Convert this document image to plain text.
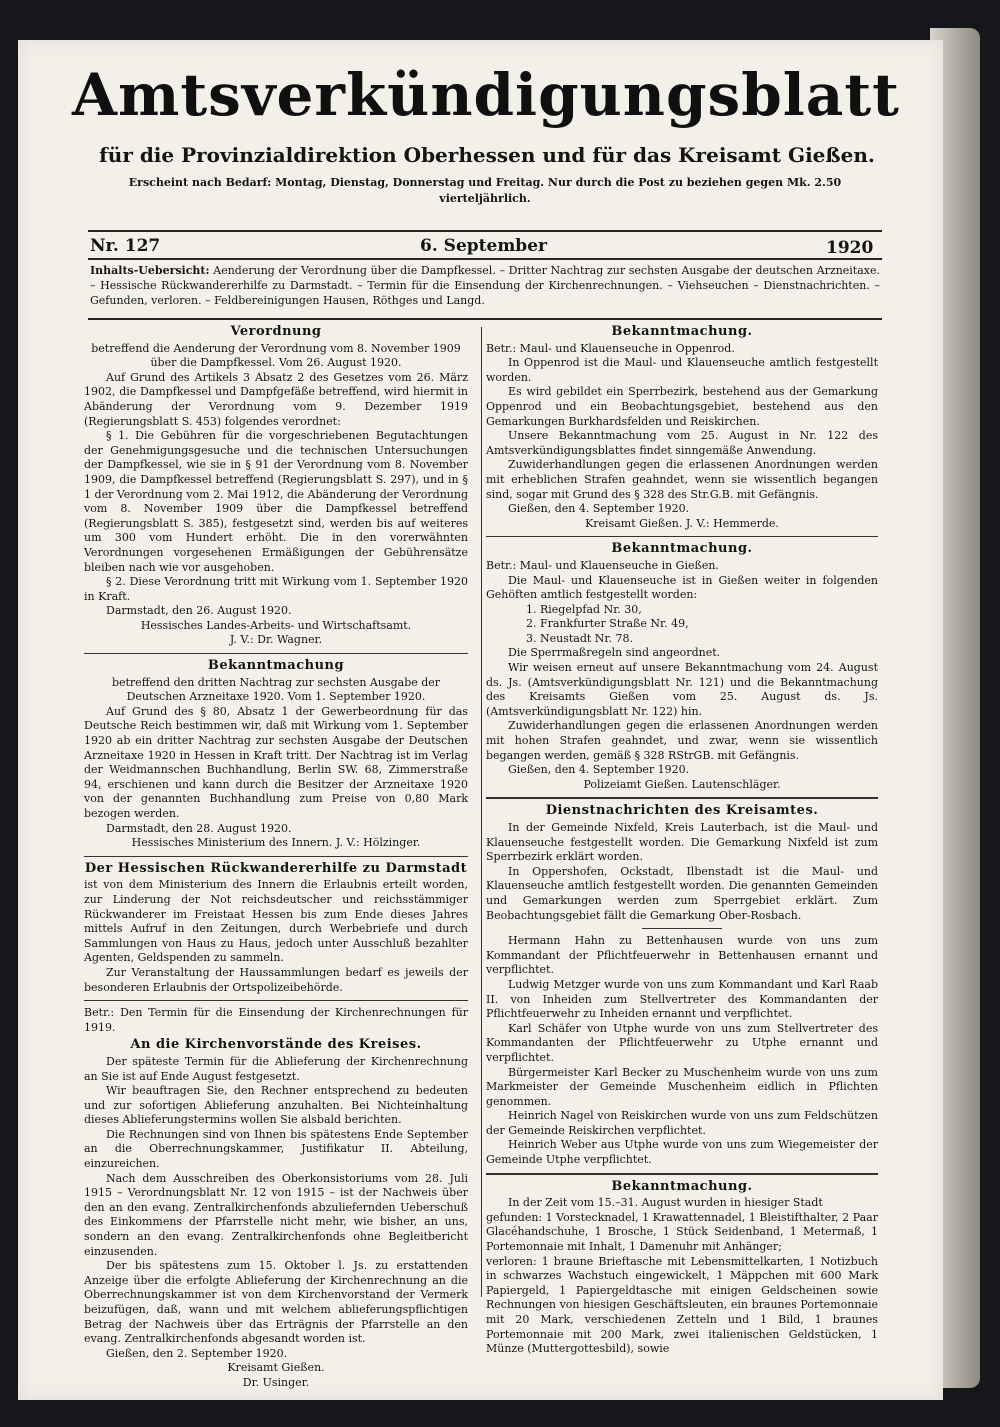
Amtsverkündigungsblatt
für die Provinzialdirektion Oberhessen und für das Kreisamt Gießen.
Erscheint nach Bedarf: Montag, Dienstag, Donnerstag und Freitag. Nur durch die Post zu beziehen gegen Mk. 2.50 vierteljährlich.
Nr. 127	6. September	1920
Inhalts-Uebersicht: Aenderung der Verordnung über die Dampfkessel. – Dritter Nachtrag zur sechsten Ausgabe der deutschen Arzneitaxe. – Hessische Rückwandererhilfe zu Darmstadt. – Termin für die Einsendung der Kirchenrechnungen. – Viehseuchen – Dienstnachrichten. – Gefunden, verloren. – Feldbereinigungen Hausen, Röthges und Langd.
Verordnung

betreffend die Aenderung der Verordnung vom 8. November 1909 über die Dampfkessel. Vom 26. August 1920.

Auf Grund des Artikels 3 Absatz 2 des Gesetzes vom 26. März 1902, die Dampfkessel und Dampfgefäße betreffend, wird hiermit in Abänderung der Verordnung vom 9. Dezember 1919 (Regierungsblatt S. 453) folgendes verordnet:

§ 1. Die Gebühren für die vorgeschriebenen Begutachtungen der Genehmigungsgesuche und die technischen Untersuchungen der Dampfkessel, wie sie in § 91 der Verordnung vom 8. November 1909, die Dampfkessel betreffend (Regierungsblatt S. 297), und in § 1 der Verordnung vom 2. Mai 1912, die Abänderung der Verordnung vom 8. November 1909 über die Dampfkessel betreffend (Regierungsblatt S. 385), festgesetzt sind, werden bis auf weiteres um 300 vom Hundert erhöht. Die in den vorerwähnten Verordnungen vorgesehenen Ermäßigungen der Gebührensätze bleiben nach wie vor ausgehoben.

§ 2. Diese Verordnung tritt mit Wirkung vom 1. September 1920 in Kraft.

Darmstadt, den 26. August 1920.

Hessisches Landes-Arbeits- und Wirtschaftsamt.

J. V.: Dr. Wagner.

Bekanntmachung

betreffend den dritten Nachtrag zur sechsten Ausgabe der Deutschen Arzneitaxe 1920. Vom 1. September 1920.

Auf Grund des § 80, Absatz 1 der Gewerbeordnung für das Deutsche Reich bestimmen wir, daß mit Wirkung vom 1. September 1920 ab ein dritter Nachtrag zur sechsten Ausgabe der Deutschen Arzneitaxe 1920 in Hessen in Kraft tritt. Der Nachtrag ist im Verlag der Weidmannschen Buchhandlung, Berlin SW. 68, Zimmerstraße 94, erschienen und kann durch die Besitzer der Arzneitaxe 1920 von der genannten Buchhandlung zum Preise von 0,80 Mark bezogen werden.

Darmstadt, den 28. August 1920.

Hessisches Ministerium des Innern. J. V.: Hölzinger.

Der Hessischen Rückwandererhilfe zu Darmstadt

ist von dem Ministerium des Innern die Erlaubnis erteilt worden, zur Linderung der Not reichsdeutscher und reichsstämmiger Rückwanderer im Freistaat Hessen bis zum Ende dieses Jahres mittels Aufruf in den Zeitungen, durch Werbebriefe und durch Sammlungen von Haus zu Haus, jedoch unter Ausschluß bezahlter Agenten, Geldspenden zu sammeln.

Zur Veranstaltung der Haussammlungen bedarf es jeweils der besonderen Erlaubnis der Ortspolizeibehörde.

Betr.: Den Termin für die Einsendung der Kirchenrechnungen für 1919.

An die Kirchenvorstände des Kreises.

Der späteste Termin für die Ablieferung der Kirchenrechnung an Sie ist auf Ende August festgesetzt.

Wir beauftragen Sie, den Rechner entsprechend zu bedeuten und zur sofortigen Ablieferung anzuhalten. Bei Nichteinhaltung dieses Ablieferungstermins wollen Sie alsbald berichten.

Die Rechnungen sind von Ihnen bis spätestens Ende September an die Oberrechnungskammer, Justifikatur II. Abteilung, einzureichen.

Nach dem Ausschreiben des Oberkonsistoriums vom 28. Juli 1915 – Verordnungsblatt Nr. 12 von 1915 – ist der Nachweis über den an den evang. Zentralkirchenfonds abzuliefernden Ueberschuß des Einkommens der Pfarrstelle nicht mehr, wie bisher, an uns, sondern an den evang. Zentralkirchenfonds ohne Begleitbericht einzusenden.

Der bis spätestens zum 15. Oktober l. Js. zu erstattenden Anzeige über die erfolgte Ablieferung der Kirchenrechnung an die Oberrechnungskammer ist von dem Kirchenvorstand der Vermerk beizufügen, daß, wann und mit welchem ablieferungspflichtigen Betrag der Nachweis über das Erträgnis der Pfarrstelle an den evang. Zentralkirchenfonds abgesandt worden ist.

Gießen, den 2. September 1920.

Kreisamt Gießen.

Dr. Usinger.

Bekanntmachung.

Betr.: Maul- und Klauenseuche in Oppenrod.

In Oppenrod ist die Maul- und Klauenseuche amtlich festgestellt worden.

Es wird gebildet ein Sperrbezirk, bestehend aus der Gemarkung Oppenrod und ein Beobachtungsgebiet, bestehend aus den Gemarkungen Burkhardsfelden und Reiskirchen.

Unsere Bekanntmachung vom 25. August in Nr. 122 des Amtsverkündigungsblattes findet sinngemäße Anwendung.

Zuwiderhandlungen gegen die erlassenen Anordnungen werden mit erheblichen Strafen geahndet, wenn sie wissentlich begangen sind, sogar mit Grund des § 328 des Str.G.B. mit Gefängnis.

Gießen, den 4. September 1920.

Kreisamt Gießen. J. V.: Hemmerde.

Bekanntmachung.

Betr.: Maul- und Klauenseuche in Gießen.

Die Maul- und Klauenseuche ist in Gießen weiter in folgenden Gehöften amtlich festgestellt worden:

1. Riegelpfad Nr. 30,

2. Frankfurter Straße Nr. 49,

3. Neustadt Nr. 78.

Die Sperrmaßregeln sind angeordnet.

Wir weisen erneut auf unsere Bekanntmachung vom 24. August ds. Js. (Amtsverkündigungsblatt Nr. 121) und die Bekanntmachung des Kreisamts Gießen vom 25. August ds. Js. (Amtsverkündigungsblatt Nr. 122) hin.

Zuwiderhandlungen gegen die erlassenen Anordnungen werden mit hohen Strafen geahndet, und zwar, wenn sie wissentlich begangen werden, gemäß § 328 RStrGB. mit Gefängnis.

Gießen, den 4. September 1920.

Polizeiamt Gießen. Lautenschläger.

Dienstnachrichten des Kreisamtes.

In der Gemeinde Nixfeld, Kreis Lauterbach, ist die Maul- und Klauenseuche festgestellt worden. Die Gemarkung Nixfeld ist zum Sperrbezirk erklärt worden.

In Oppershofen, Ockstadt, Ilbenstadt ist die Maul- und Klauenseuche amtlich festgestellt worden. Die genannten Gemeinden und Gemarkungen werden zum Sperrgebiet erklärt. Zum Beobachtungsgebiet fällt die Gemarkung Ober-Rosbach.

Hermann Hahn zu Bettenhausen wurde von uns zum Kommandant der Pflichtfeuerwehr in Bettenhausen ernannt und verpflichtet.

Ludwig Metzger wurde von uns zum Kommandant und Karl Raab II. von Inheiden zum Stellvertreter des Kommandanten der Pflichtfeuerwehr zu Inheiden ernannt und verpflichtet.

Karl Schäfer von Utphe wurde von uns zum Stellvertreter des Kommandanten der Pflichtfeuerwehr zu Utphe ernannt und verpflichtet.

Bürgermeister Karl Becker zu Muschenheim wurde von uns zum Markmeister der Gemeinde Muschenheim eidlich in Pflichten genommen.

Heinrich Nagel von Reiskirchen wurde von uns zum Feldschützen der Gemeinde Reiskirchen verpflichtet.

Heinrich Weber aus Utphe wurde von uns zum Wiegemeister der Gemeinde Utphe verpflichtet.

Bekanntmachung.

In der Zeit vom 15.–31. August wurden in hiesiger Stadt

gefunden: 1 Vorstecknadel, 1 Krawattennadel, 1 Bleistifthalter, 2 Paar Glacéhandschuhe, 1 Brosche, 1 Stück Seidenband, 1 Metermaß, 1 Portemonnaie mit Inhalt, 1 Damenuhr mit Anhänger;

verloren: 1 braune Brieftasche mit Lebensmittelkarten, 1 Notizbuch in schwarzes Wachstuch eingewickelt, 1 Mäppchen mit 600 Mark Papiergeld, 1 Papiergeldtasche mit einigen Geldscheinen sowie Rechnungen von hiesigen Geschäftsleuten, ein braunes Portemonnaie mit 20 Mark, verschiedenen Zetteln und 1 Bild, 1 braunes Portemonnaie mit 200 Mark, zwei italienischen Geldstücken, 1 Münze (Muttergottesbild), sowie
